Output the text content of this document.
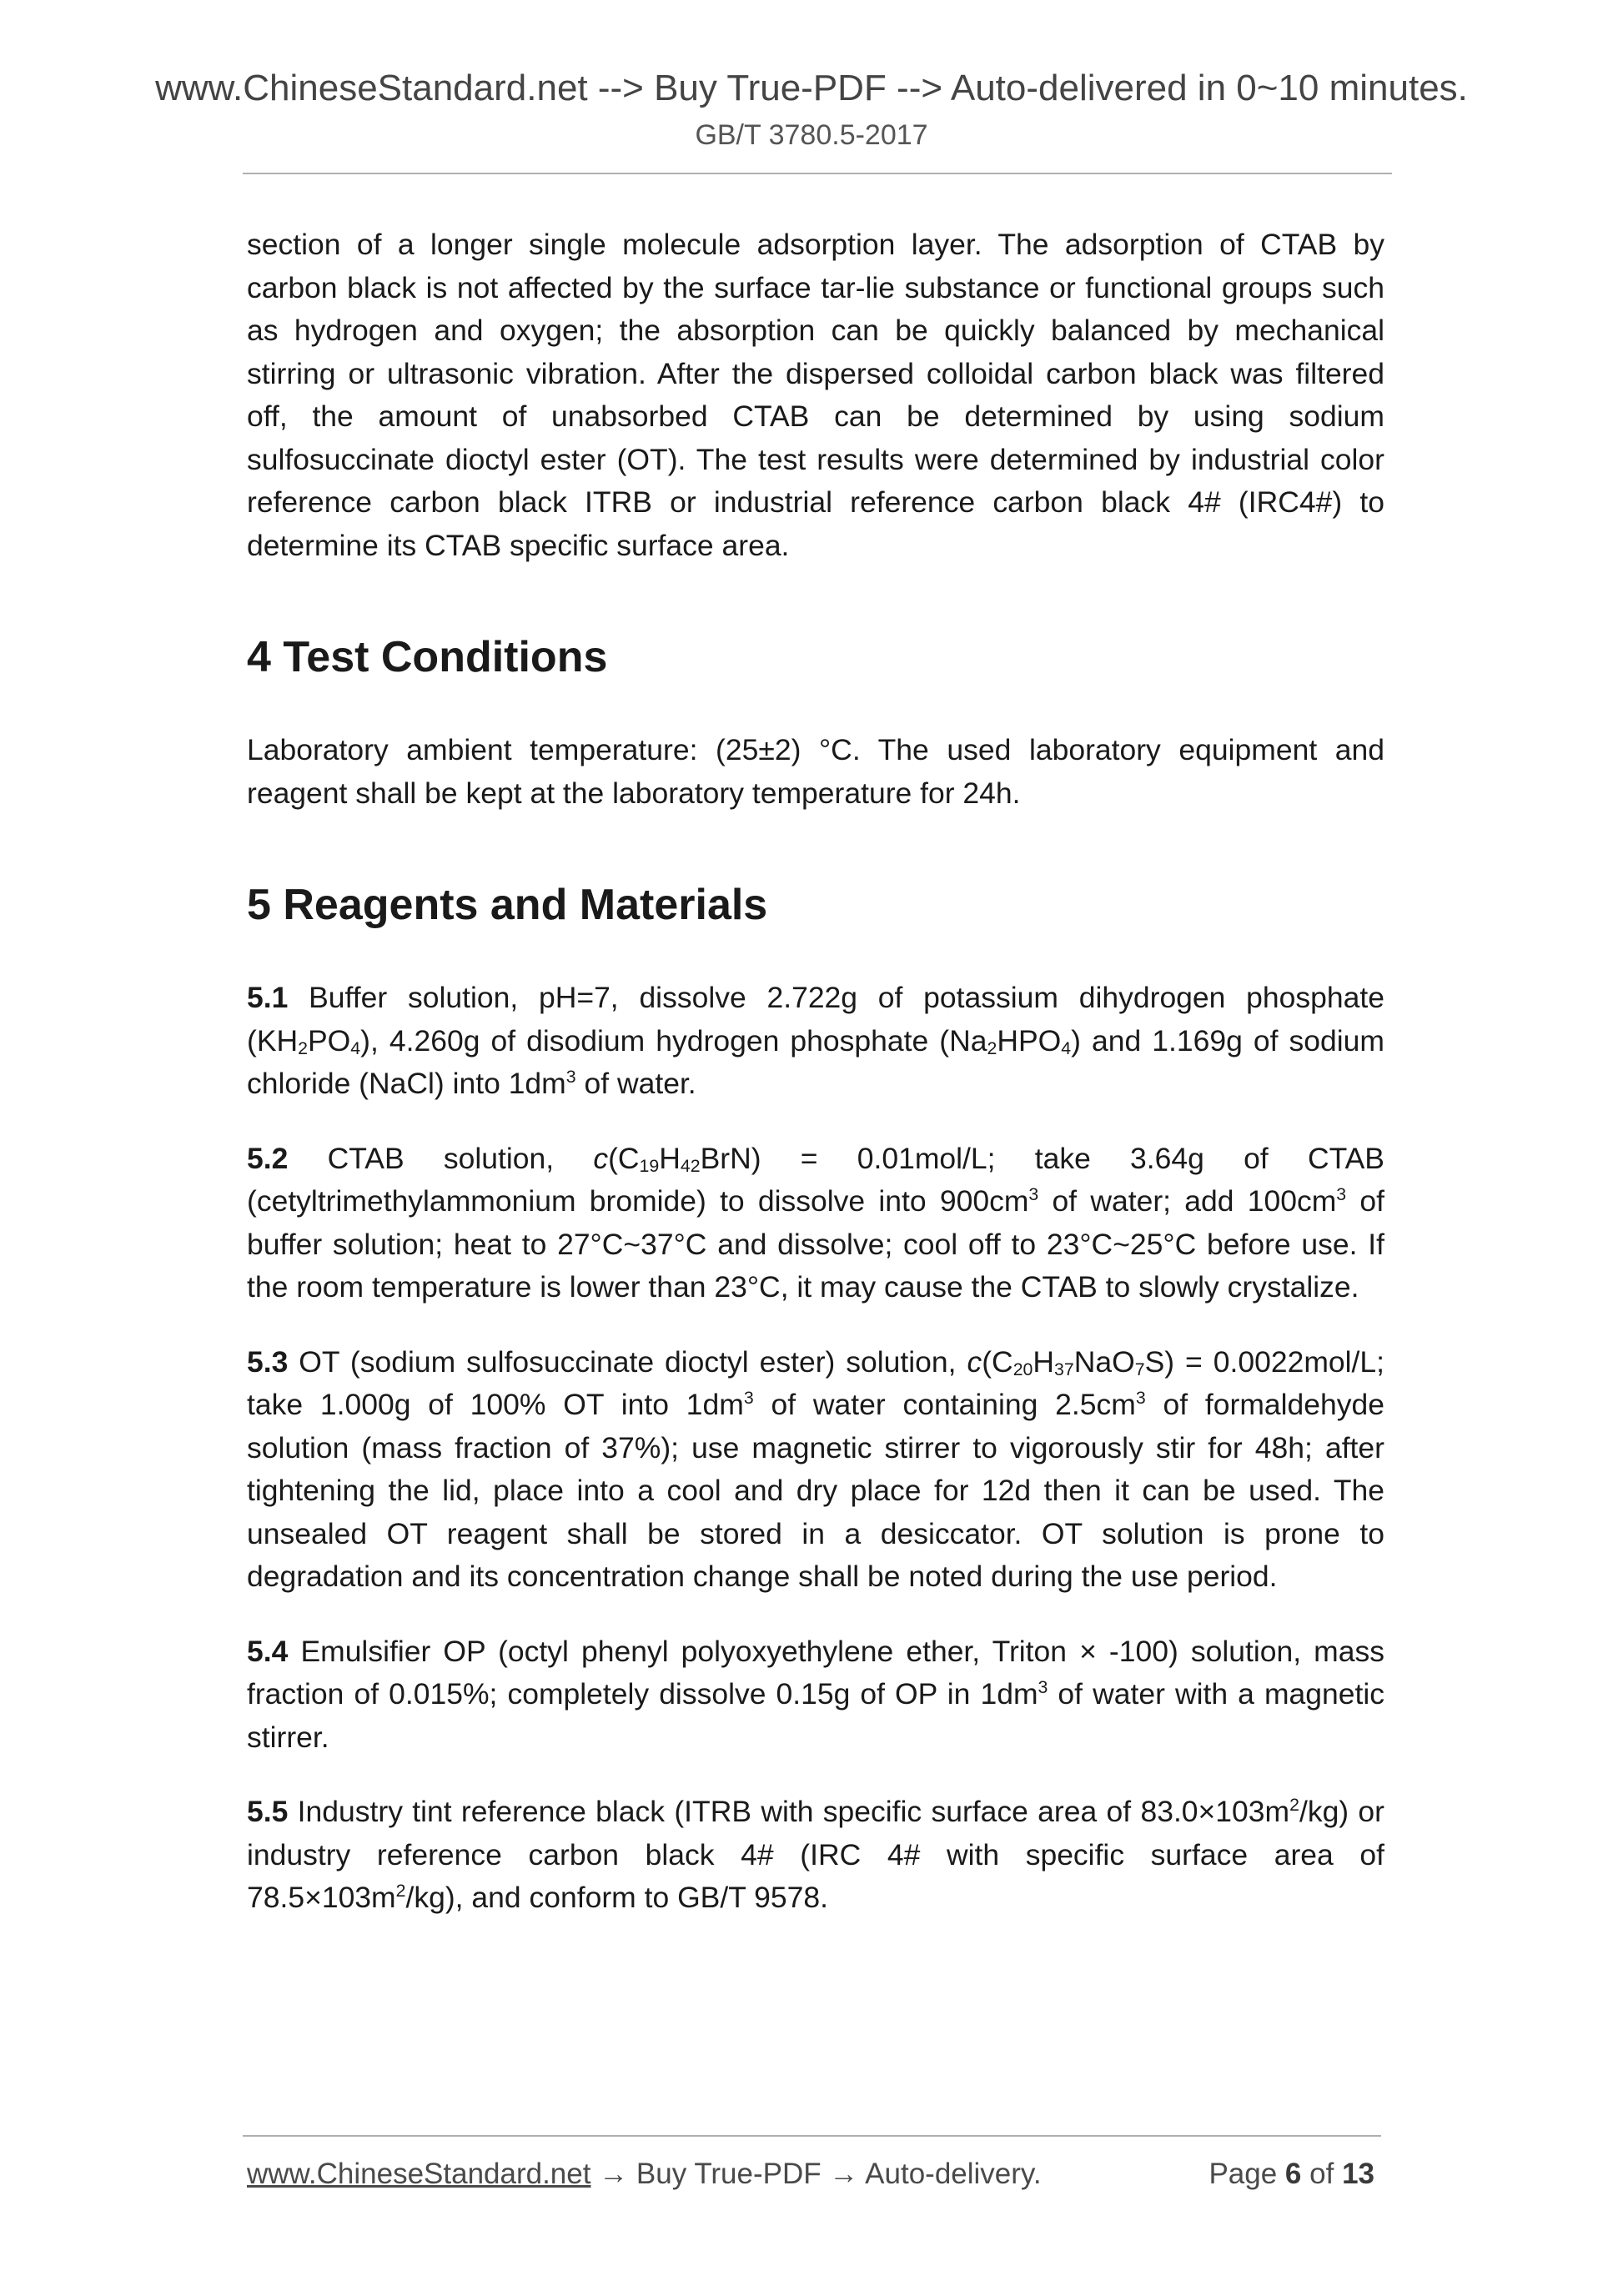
www.ChineseStandard.net --> Buy True-PDF --> Auto-delivered in 0~10 minutes.
GB/T 3780.5-2017

section of a longer single molecule adsorption layer. The adsorption of CTAB by carbon black is not affected by the surface tar-lie substance or functional groups such as hydrogen and oxygen; the absorption can be quickly balanced by mechanical stirring or ultrasonic vibration. After the dispersed colloidal carbon black was filtered off, the amount of unabsorbed CTAB can be determined by using sodium sulfosuccinate dioctyl ester (OT). The test results were determined by industrial color reference carbon black ITRB or industrial reference carbon black 4# (IRC4#) to determine its CTAB specific surface area.

4 Test Conditions

Laboratory ambient temperature: (25±2) °C. The used laboratory equipment and reagent shall be kept at the laboratory temperature for 24h.

5 Reagents and Materials

5.1 Buffer solution, pH=7, dissolve 2.722g of potassium dihydrogen phosphate $(KH_2PO_4)$, 4.260g of disodium hydrogen phosphate $(Na_2HPO_4)$ and 1.169g of sodium chloride (NaCl) into $1dm^3$ of water.

5.2 CTAB solution, $c(C_{19}H_{42}BrN) = 0.01mol/L$; take 3.64g of CTAB (cetyltrimethylammonium bromide) to dissolve into $900cm^3$ of water; add $100cm^3$ of buffer solution; heat to 27°C~37°C and dissolve; cool off to 23°C~25°C before use. If the room temperature is lower than 23°C, it may cause the CTAB to slowly crystalize.

5.3 OT (sodium sulfosuccinate dioctyl ester) solution, $c(C_{20}H_{37}NaO_7S) = 0.0022mol/L$; take 1.000g of 100% OT into $1dm^3$ of water containing $2.5cm^3$ of formaldehyde solution (mass fraction of 37%); use magnetic stirrer to vigorously stir for 48h; after tightening the lid, place into a cool and dry place for 12d then it can be used. The unsealed OT reagent shall be stored in a desiccator. OT solution is prone to degradation and its concentration change shall be noted during the use period.

5.4 Emulsifier OP (octyl phenyl polyoxyethylene ether, Triton × -100) solution, mass fraction of 0.015%; completely dissolve 0.15g of OP in $1dm^3$ of water with a magnetic stirrer.

5.5 Industry tint reference black (ITRB with specific surface area of $83.0\times 103m^2/kg$) or industry reference carbon black 4# (IRC 4# with specific surface area of $78.5\times 103m^2/kg$), and conform to GB/T 9578.

www.ChineseStandard.net → Buy True-PDF → Auto-delivery.	Page 6 of 13
